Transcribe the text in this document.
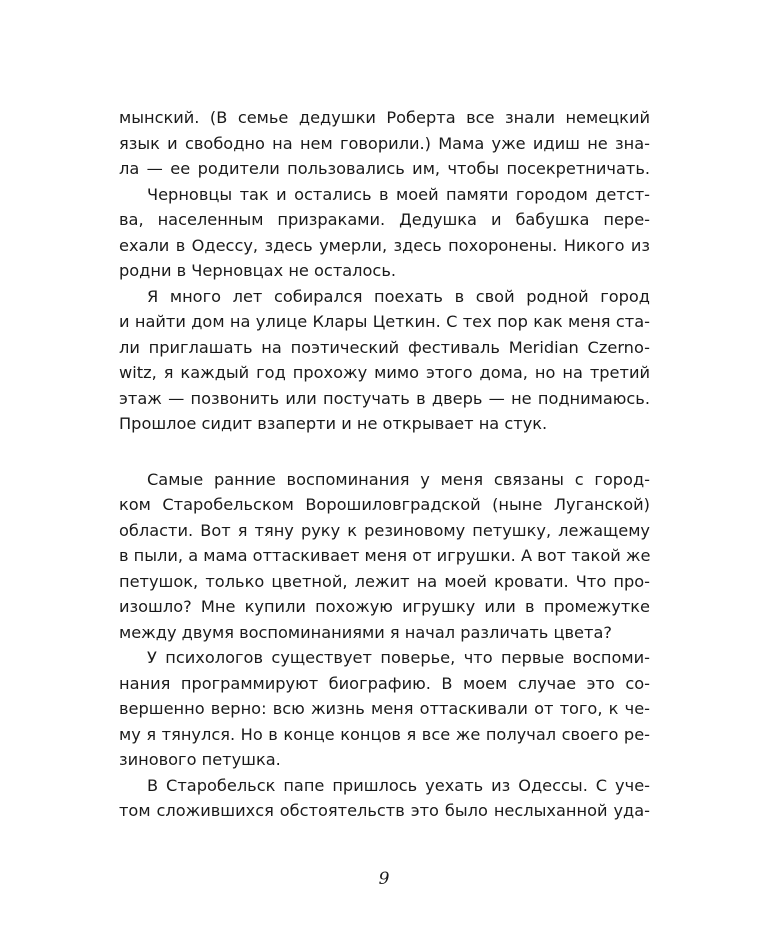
мынский. (В семье дедушки Роберта все знали немецкий
язык и свободно на нем говорили.) Мама уже идиш не зна-
ла — ее родители пользовались им, чтобы посекретничать.
Черновцы так и остались в моей памяти городом детст-
ва, населенным призраками. Дедушка и бабушка пере-
ехали в Одессу, здесь умерли, здесь похоронены. Никого из
родни в Черновцах не осталось.
Я много лет собирался поехать в свой родной город
и найти дом на улице Клары Цеткин. С тех пор как меня ста-
ли приглашать на поэтический фестиваль Meridian Czerno-
witz, я каждый год прохожу мимо этого дома, но на третий
этаж — позвонить или постучать в дверь — не поднимаюсь.
Прошлое сидит взаперти и не открывает на стук.
Самые ранние воспоминания у меня связаны с город-
ком Старобельском Ворошиловградской (ныне Луганской)
области. Вот я тяну руку к резиновому петушку, лежащему
в пыли, а мама оттаскивает меня от игрушки. А вот такой же
петушок, только цветной, лежит на моей кровати. Что про-
изошло? Мне купили похожую игрушку или в промежутке
между двумя воспоминаниями я начал различать цвета?
У психологов существует поверье, что первые воспоми-
нания программируют биографию. В моем случае это со-
вершенно верно: всю жизнь меня оттаскивали от того, к че-
му я тянулся. Но в конце концов я все же получал своего ре-
зинового петушка.
В Старобельск папе пришлось уехать из Одессы. С уче-
том сложившихся обстоятельств это было неслыханной уда-
9
